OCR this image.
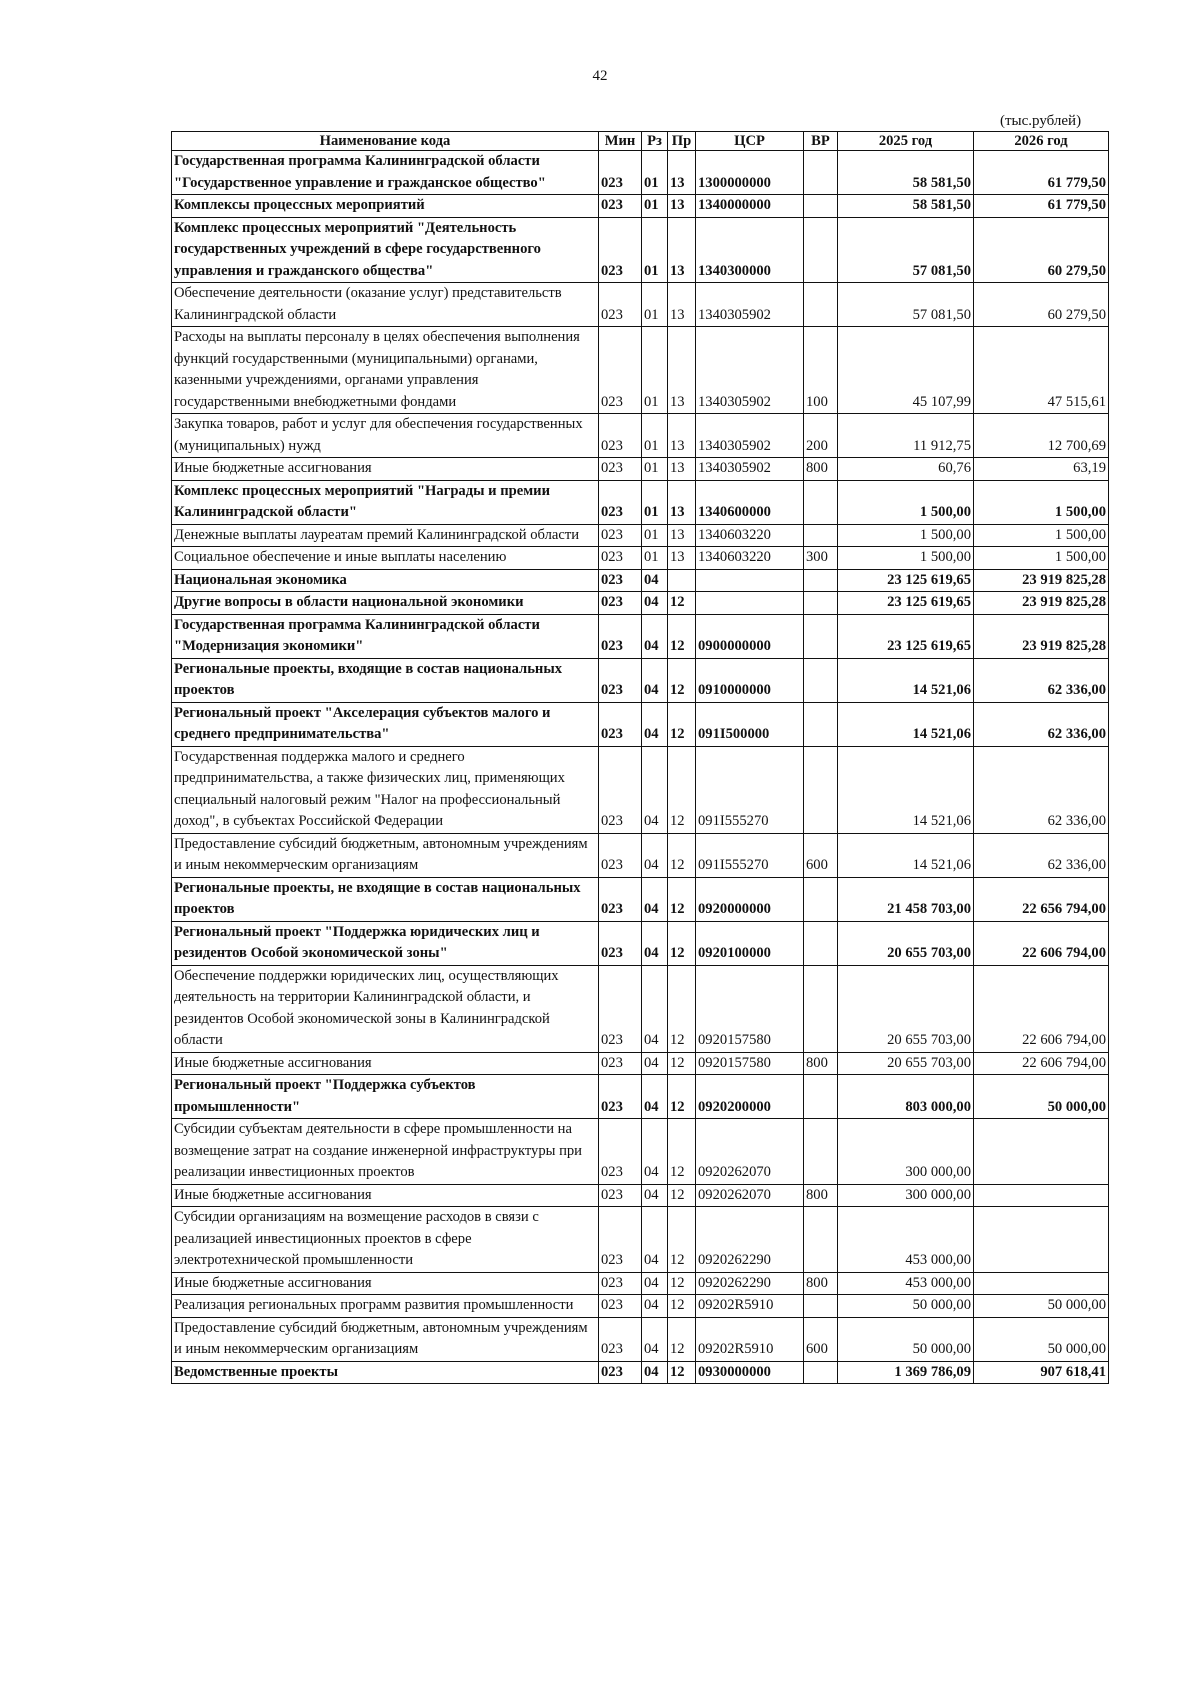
42
(тыс.рублей)
Наименование кода	Мин	Рз	Пр	ЦСР	ВР	2025 год	2026 год
Государственная программа Калининградской области "Государственное управление и гражданское общество"	023	01	13	1300000000		58 581,50	61 779,50
Комплексы процессных мероприятий	023	01	13	1340000000		58 581,50	61 779,50
Комплекс процессных мероприятий "Деятельность государственных учреждений в сфере государственного управления и гражданского общества"	023	01	13	1340300000		57 081,50	60 279,50
Обеспечение деятельности (оказание услуг) представительств Калининградской области	023	01	13	1340305902		57 081,50	60 279,50
Расходы на выплаты персоналу в целях обеспечения выполнения функций государственными (муниципальными) органами, казенными учреждениями, органами управления государственными внебюджетными фондами	023	01	13	1340305902	100	45 107,99	47 515,61
Закупка товаров, работ и услуг для обеспечения государственных (муниципальных) нужд	023	01	13	1340305902	200	11 912,75	12 700,69
Иные бюджетные ассигнования	023	01	13	1340305902	800	60,76	63,19
Комплекс процессных мероприятий "Награды и премии Калининградской области"	023	01	13	1340600000		1 500,00	1 500,00
Денежные выплаты лауреатам премий Калининградской области	023	01	13	1340603220		1 500,00	1 500,00
Социальное обеспечение и иные выплаты населению	023	01	13	1340603220	300	1 500,00	1 500,00
Национальная экономика	023	04				23 125 619,65	23 919 825,28
Другие вопросы в области национальной экономики	023	04	12			23 125 619,65	23 919 825,28
Государственная программа Калининградской области "Модернизация экономики"	023	04	12	0900000000		23 125 619,65	23 919 825,28
Региональные проекты, входящие в состав национальных проектов	023	04	12	0910000000		14 521,06	62 336,00
Региональный проект "Акселерация субъектов малого и среднего предпринимательства"	023	04	12	091I500000		14 521,06	62 336,00
Государственная поддержка малого и среднего предпринимательства, а также физических лиц, применяющих специальный налоговый режим "Налог на профессиональный доход", в субъектах Российской Федерации	023	04	12	091I555270		14 521,06	62 336,00
Предоставление субсидий бюджетным, автономным учреждениям и иным некоммерческим организациям	023	04	12	091I555270	600	14 521,06	62 336,00
Региональные проекты, не входящие в состав национальных проектов	023	04	12	0920000000		21 458 703,00	22 656 794,00
Региональный проект "Поддержка юридических лиц и резидентов Особой экономической зоны"	023	04	12	0920100000		20 655 703,00	22 606 794,00
Обеспечение поддержки юридических лиц, осуществляющих деятельность на территории Калининградской области, и резидентов Особой экономической зоны в Калининградской области	023	04	12	0920157580		20 655 703,00	22 606 794,00
Иные бюджетные ассигнования	023	04	12	0920157580	800	20 655 703,00	22 606 794,00
Региональный проект "Поддержка субъектов промышленности"	023	04	12	0920200000		803 000,00	50 000,00
Субсидии субъектам деятельности в сфере промышленности на возмещение затрат на создание инженерной инфраструктуры при реализации инвестиционных проектов	023	04	12	0920262070		300 000,00	
Иные бюджетные ассигнования	023	04	12	0920262070	800	300 000,00	
Субсидии организациям на возмещение расходов в связи с реализацией инвестиционных проектов в сфере электротехнической промышленности	023	04	12	0920262290		453 000,00	
Иные бюджетные ассигнования	023	04	12	0920262290	800	453 000,00	
Реализация региональных программ развития промышленности	023	04	12	09202R5910		50 000,00	50 000,00
Предоставление субсидий бюджетным, автономным учреждениям и иным некоммерческим организациям	023	04	12	09202R5910	600	50 000,00	50 000,00
Ведомственные проекты	023	04	12	0930000000		1 369 786,09	907 618,41
